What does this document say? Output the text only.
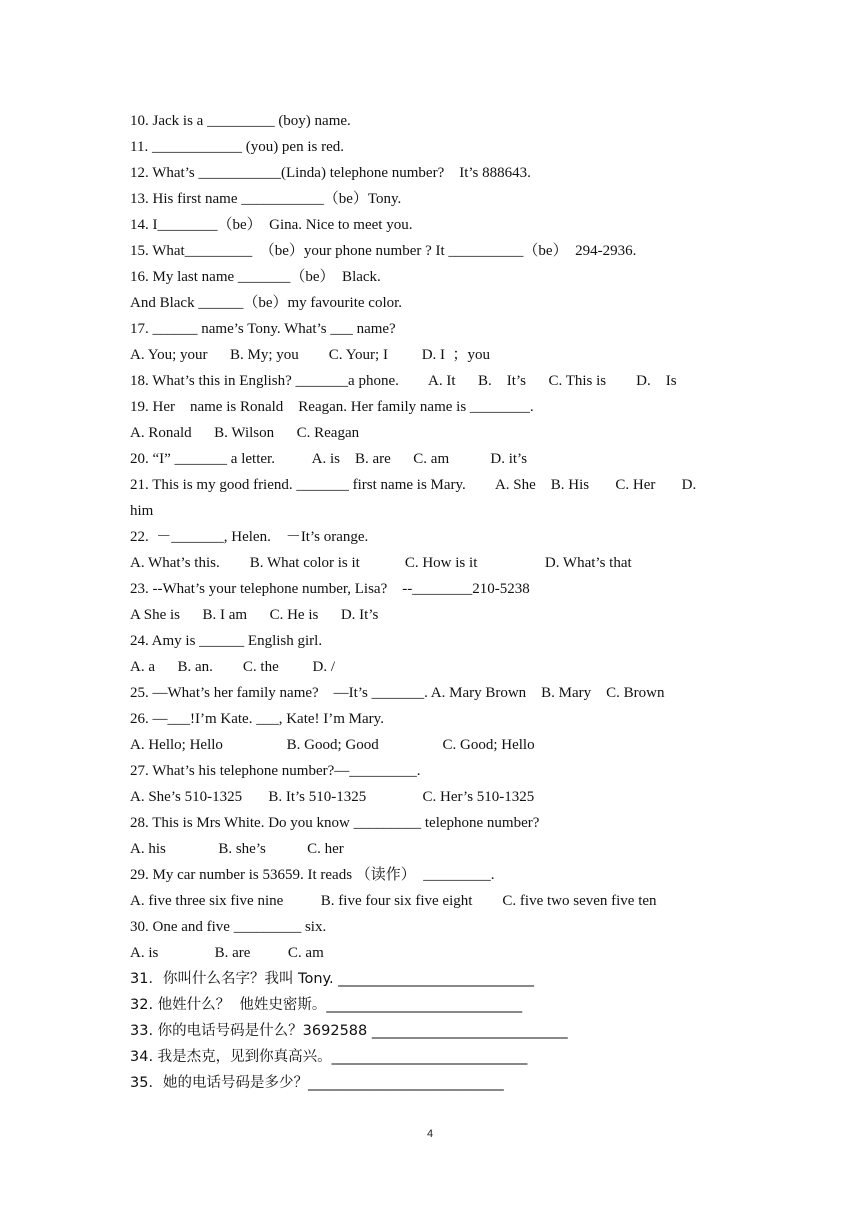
10. Jack is a _________ (boy) name.
11. ____________ (you) pen is red.
12. What’s ___________(Linda) telephone number?    It’s 888643.
13. His first name ___________（be）Tony.
14. I________（be）  Gina. Nice to meet you.
15. What_________  （be）your phone number ? It __________（be）  294-2936.
16. My last name _______（be）  Black.
And Black ______（be）my favourite color.
17. ______ name’s Tony. What’s ___ name?
A. You; your      B. My; you        C. Your; I         D. I  ；you
18. What’s this in English? _______a phone.        A. It      B.    It’s      C. This is        D.    Is
19. Her    name is Ronald    Reagan. Her family name is ________.
A. Ronald      B. Wilson      C. Reagan
20. “I” _______ a letter.          A. is    B. are      C. am           D. it’s
21. This is my good friend. _______ first name is Mary.        A. She    B. His       C. Her       D.
him
22.  －_______, Helen.    －It’s orange.
A. What’s this.        B. What color is it            C. How is it                  D. What’s that
23. --What’s your telephone number, Lisa?    --________210-5238
A She is      B. I am      C. He is      D. It’s
24. Amy is ______ English girl.
A. a      B. an.        C. the         D. /
25. —What’s her family name?    —It’s _______. A. Mary Brown    B. Mary    C. Brown
26. —___!I’m Kate. ___, Kate! I’m Mary.
A. Hello; Hello                 B. Good; Good                 C. Good; Hello
27. What’s his telephone number?—_________.
A. She’s 510-1325       B. It’s 510-1325               C. Her’s 510-1325
28. This is Mrs White. Do you know _________ telephone number?
A. his              B. she’s           C. her
29. My car number is 53659. It reads （读作）  _________.
A. five three six five nine          B. five four six five eight        C. five two seven five ten
30. One and five _________ six.
A. is               B. are          C. am
31．你叫什么名字？我叫 Tony. ___________________________
32. 他姓什么？  他姓史密斯。___________________________
33. 你的电话号码是什么？3692588 ___________________________
34. 我是杰克，见到你真高兴。___________________________
35．她的电话号码是多少？___________________________
4
